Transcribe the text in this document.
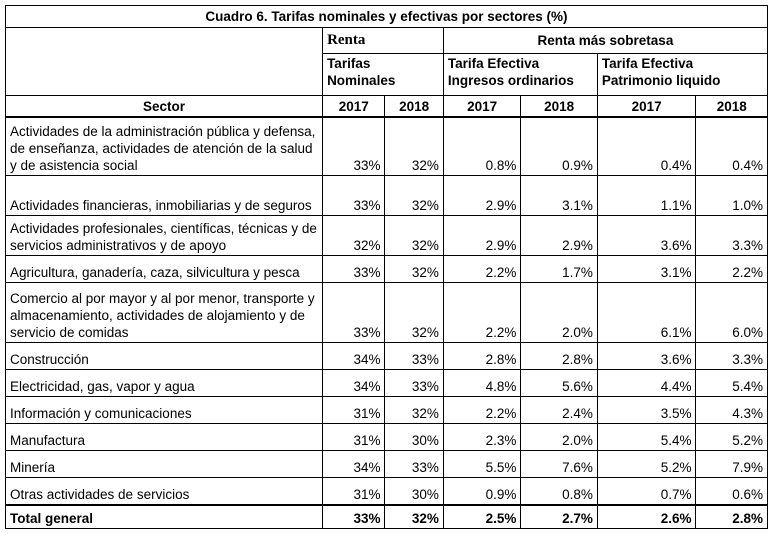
Cuadro 6. Tarifas nominales y efectivas por sectores (%)						
	Renta		Renta más sobretasa			
	Tarifas Nominales		Tarifa Efectiva Ingresos ordinarios		Tarifa Efectiva Patrimonio liquido	
Sector	2017	2018	2017	2018	2017	2018
Actividades de la administración pública y defensa, de enseñanza, actividades de atención de la salud y de asistencia social	33%	32%	0.8%	0.9%	0.4%	0.4%
Actividades financieras, inmobiliarias y de seguros	33%	32%	2.9%	3.1%	1.1%	1.0%
Actividades profesionales, científicas, técnicas y de servicios administrativos y de apoyo	32%	32%	2.9%	2.9%	3.6%	3.3%
Agricultura, ganadería, caza, silvicultura y pesca	33%	32%	2.2%	1.7%	3.1%	2.2%
Comercio al por mayor y al por menor, transporte y almacenamiento, actividades de alojamiento y de servicio de comidas	33%	32%	2.2%	2.0%	6.1%	6.0%
Construcción	34%	33%	2.8%	2.8%	3.6%	3.3%
Electricidad, gas, vapor y agua	34%	33%	4.8%	5.6%	4.4%	5.4%
Información y comunicaciones	31%	32%	2.2%	2.4%	3.5%	4.3%
Manufactura	31%	30%	2.3%	2.0%	5.4%	5.2%
Minería	34%	33%	5.5%	7.6%	5.2%	7.9%
Otras actividades de servicios	31%	30%	0.9%	0.8%	0.7%	0.6%
Total general	33%	32%	2.5%	2.7%	2.6%	2.8%
